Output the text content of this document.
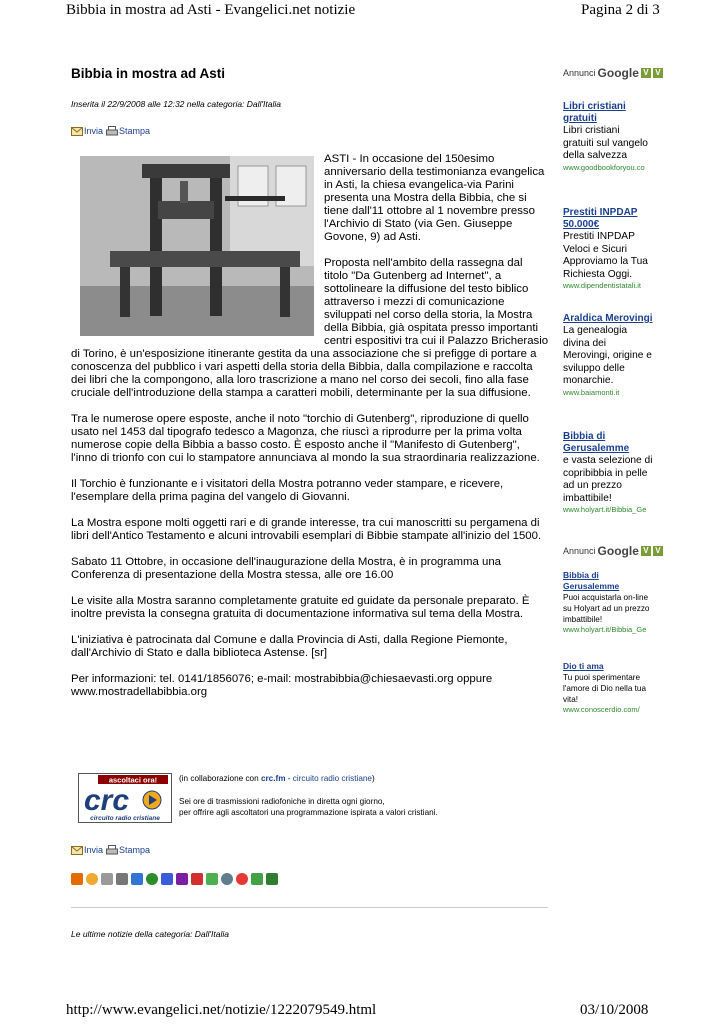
Bibbia in mostra ad Asti - Evangelici.net notizie	Pagina 2 di 3
Bibbia in mostra ad Asti
Inserita il 22/9/2008 alle 12:32 nella categoria: Dall'Italia
Invia Stampa

ASTI - In occasione del 150esimo anniversario della testimonianza evangelica in Asti, la chiesa evangelica-via Parini presenta una Mostra della Bibbia, che si tiene dall'11 ottobre al 1 novembre presso l'Archivio di Stato (via Gen. Giuseppe Govone, 9) ad Asti.

Proposta nell'ambito della rassegna dal titolo "Da Gutenberg ad Internet", a sottolineare la diffusione del testo biblico attraverso i mezzi di comunicazione sviluppati nel corso della storia, la Mostra della Bibbia, già ospitata presso importanti centri espositivi tra cui il Palazzo Bricherasio di Torino, è un'esposizione itinerante gestita da una associazione che si prefigge di portare a conoscenza del pubblico i vari aspetti della storia della Bibbia, dalla compilazione e raccolta dei libri che la compongono, alla loro trascrizione a mano nel corso dei secoli, fino alla fase cruciale dell'introduzione della stampa a caratteri mobili, determinante per la sua diffusione.

Tra le numerose opere esposte, anche il noto "torchio di Gutenberg", riproduzione di quello usato nel 1453 dal tipografo tedesco a Magonza, che riuscì a riprodurre per la prima volta numerose copie della Bibbia a basso costo. È esposto anche il "Manifesto di Gutenberg", l'inno di trionfo con cui lo stampatore annunciava al mondo la sua straordinaria realizzazione.

Il Torchio è funzionante e i visitatori della Mostra potranno veder stampare, e ricevere, l'esemplare della prima pagina del vangelo di Giovanni.

La Mostra espone molti oggetti rari e di grande interesse, tra cui manoscritti su pergamena di libri dell'Antico Testamento e alcuni introvabili esemplari di Bibbie stampate all'inizio del 1500.

Sabato 11 Ottobre, in occasione dell'inaugurazione della Mostra, è in programma una Conferenza di presentazione della Mostra stessa, alle ore 16.00

Le visite alla Mostra saranno completamente gratuite ed guidate da personale preparato. È inoltre prevista la consegna gratuita di documentazione informativa sul tema della Mostra.

L'iniziativa è patrocinata dal Comune e dalla Provincia di Asti, dalla Regione Piemonte, dall'Archivio di Stato e dalla biblioteca Astense. [sr]

Per informazioni: tel. 0141/1856076; e-mail: mostrabibbia@chiesaevasti.org oppure www.mostradellabibbia.org

ascoltaci ora!
crc
circuito radio cristiane

(in collaborazione con crc.fm - circuito radio cristiane)

Sei ore di trasmissioni radiofoniche in diretta ogni giorno,
per offrire agli ascoltatori una programmazione ispirata a valori cristiani.
Invia Stampa
Le ultime notizie della categoria: Dall'Italia
Annunci Google V V
Libri cristiani gratuiti
Libri cristiani gratuiti sul vangelo della salvezza
www.goodbookforyou.co
Prestiti INPDAP 50.000€
Prestiti INPDAP Veloci e Sicuri Approviamo la Tua Richiesta Oggi.
www.dipendentistatali.it
Araldica Merovingi
La genealogia divina dei Merovingi, origine e sviluppo delle monarchie.
www.baiamonti.it
Bibbia di Gerusalemme
e vasta selezione di copribibbia in pelle ad un prezzo imbattibile!
www.holyart.it/Bibbia_Ge
Annunci Google V V
Bibbia di Gerusalemme
Puoi acquistarla on-line su Holyart ad un prezzo imbattibile!
www.holyart.it/Bibbia_Ge
Dio ti ama
Tu puoi sperimentare l'amore di Dio nella tua vita!
www.conoscerdio.com/
http://www.evangelici.net/notizie/1222079549.html	03/10/2008
